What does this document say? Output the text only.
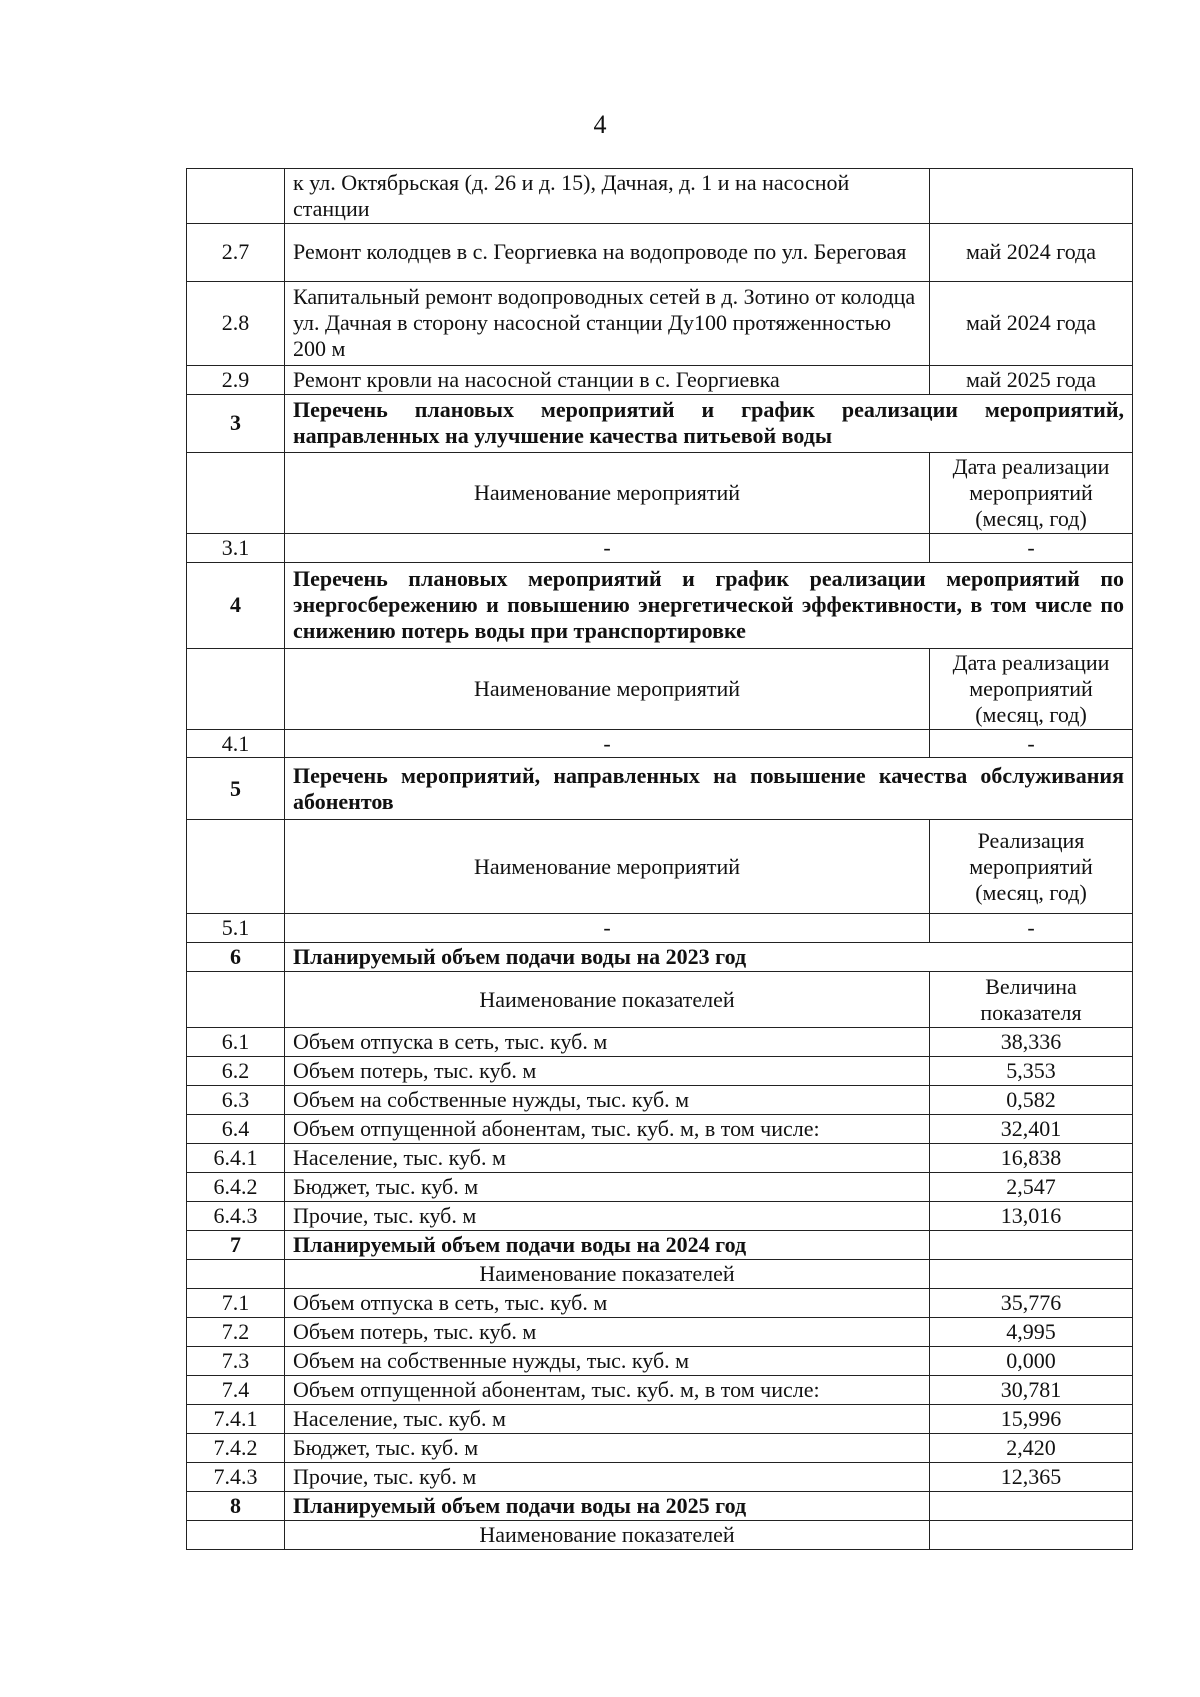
4
	к ул. Октябрьская (д. 26 и д. 15), Дачная, д. 1 и на насосной станции	
2.7	Ремонт колодцев в с. Георгиевка на водопроводе по ул. Береговая	май 2024 года
2.8	Капитальный ремонт водопроводных сетей в д. Зотино от колодца ул. Дачная в сторону насосной станции Ду100 протяженностью 200 м	май 2024 года
2.9	Ремонт кровли на насосной станции в с. Георгиевка	май 2025 года
3	Перечень плановых мероприятий и график реализации мероприятий, направленных на улучшение качества питьевой воды	
	Наименование мероприятий	Дата реализации мероприятий (месяц, год)
3.1	-	-
4	Перечень плановых мероприятий и график реализации мероприятий по энергосбережению и повышению энергетической эффективности, в том числе по снижению потерь воды при транспортировке	
	Наименование мероприятий	Дата реализации мероприятий (месяц, год)
4.1	-	-
5	Перечень мероприятий, направленных на повышение качества обслуживания абонентов	
	Наименование мероприятий	Реализация мероприятий (месяц, год)
5.1	-	-
6	Планируемый объем подачи воды на 2023 год	
	Наименование показателей	Величина показателя
6.1	Объем отпуска в сеть, тыс. куб. м	38,336
6.2	Объем потерь, тыс. куб. м	5,353
6.3	Объем на собственные нужды, тыс. куб. м	0,582
6.4	Объем отпущенной абонентам, тыс. куб. м, в том числе:	32,401
6.4.1	Население, тыс. куб. м	16,838
6.4.2	Бюджет, тыс. куб. м	2,547
6.4.3	Прочие, тыс. куб. м	13,016
7	Планируемый объем подачи воды на 2024 год	
	Наименование показателей	
7.1	Объем отпуска в сеть, тыс. куб. м	35,776
7.2	Объем потерь, тыс. куб. м	4,995
7.3	Объем на собственные нужды, тыс. куб. м	0,000
7.4	Объем отпущенной абонентам, тыс. куб. м, в том числе:	30,781
7.4.1	Население, тыс. куб. м	15,996
7.4.2	Бюджет, тыс. куб. м	2,420
7.4.3	Прочие, тыс. куб. м	12,365
8	Планируемый объем подачи воды на 2025 год	
	Наименование показателей	
